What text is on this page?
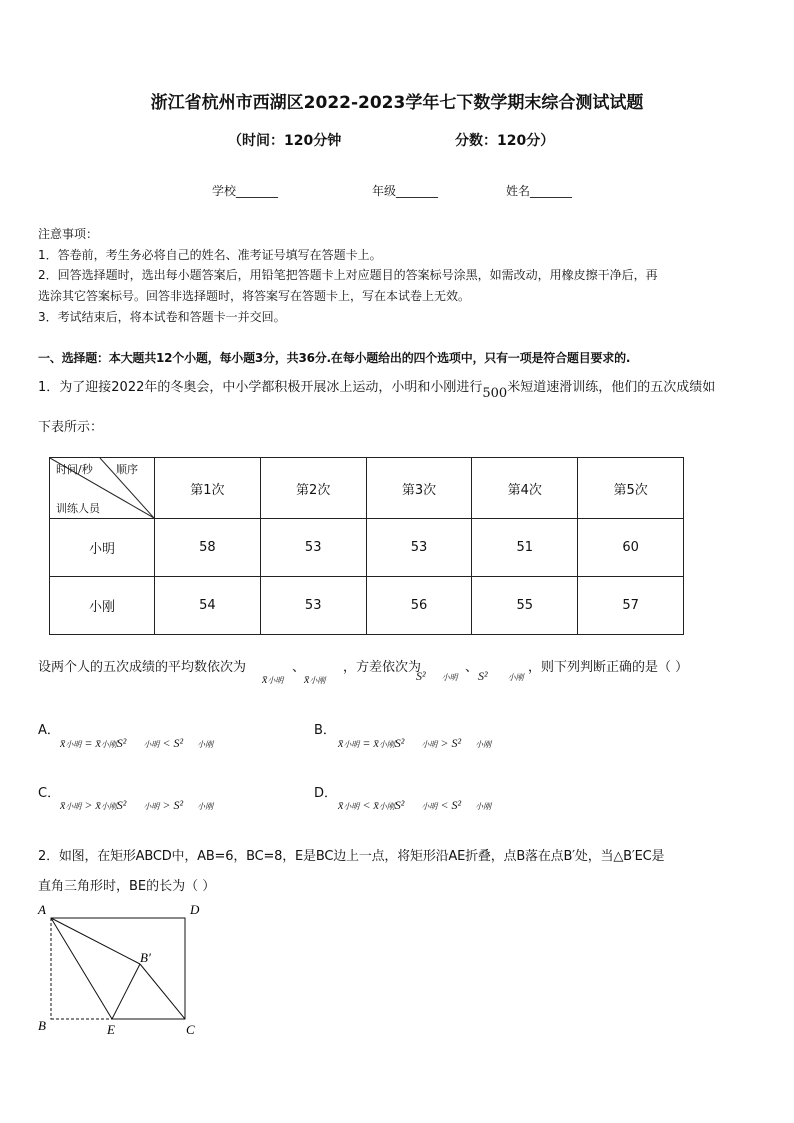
浙江省杭州市西湖区2022-2023学年七下数学期末综合测试试题
（时间：120分钟	分数：120分）
学校_______	年级_______	姓名_______
注意事项：
1．答卷前，考生务必将自己的姓名、准考证号填写在答题卡上。
2．回答选择题时，选出每小题答案后，用铅笔把答题卡上对应题目的答案标号涂黑，如需改动，用橡皮擦干净后，再
选涂其它答案标号。回答非选择题时，将答案写在答题卡上，写在本试卷上无效。
3．考试结束后，将本试卷和答题卡一并交回。
一、选择题：本大题共12个小题，每小题3分，共36分.在每小题给出的四个选项中，只有一项是符合题目要求的.
1．为了迎接2022年的冬奥会，中小学都积极开展冰上运动，小明和小刚进行500米短道速滑训练，他们的五次成绩如
下表所示：
时间/秒 顺序
训练人员	第1次	第2次	第3次	第4次	第5次
小明	58	53	53	51	60
小刚	54	53	56	55	57
设两个人的五次成绩的平均数依次为	、	，方差依次为	、	，则下列判断正确的是（ ）
x̄小明 x̄小刚	S² 小明 S²	小刚
A．
x̄小明 = x̄小刚S² 小明 < S² 小刚
B．
x̄小明 = x̄小刚S² 小明 > S² 小刚
C．
x̄小明 > x̄小刚S² 小明 > S² 小刚
D．
x̄小明 < x̄小刚S² 小明 < S² 小刚
2．如图，在矩形ABCD中，AB=6，BC=8，E是BC边上一点，将矩形沿AE折叠，点B落在点B′处，当△B′EC是
直角三角形时，BE的长为（ ）
A	D
B	E	C
B′
